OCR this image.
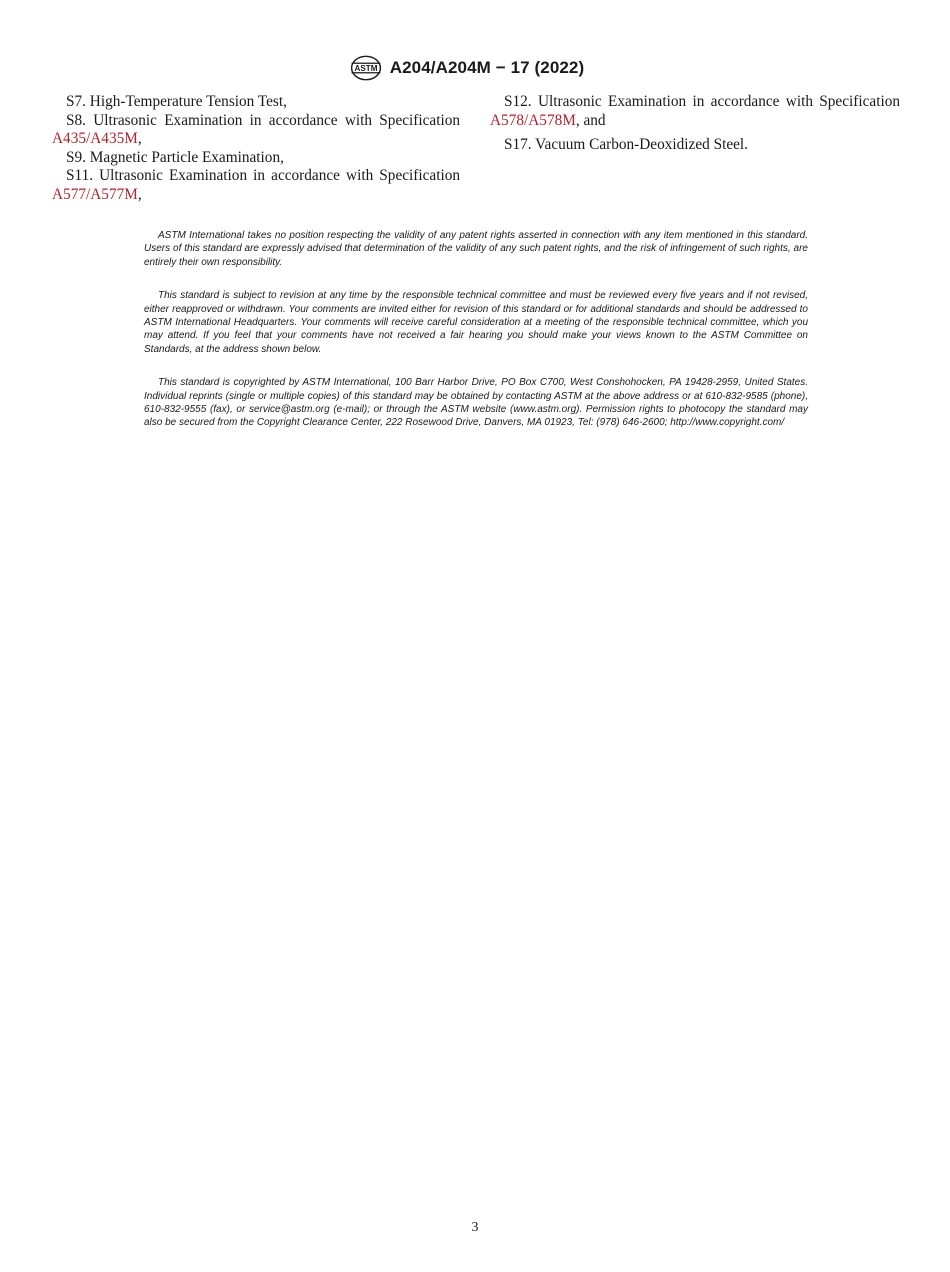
ASTM A204/A204M − 17 (2022)

S7. High-Temperature Tension Test,

S8. Ultrasonic Examination in accordance with Specification A435/A435M,

S9. Magnetic Particle Examination,

S11. Ultrasonic Examination in accordance with Specification A577/A577M,

S12. Ultrasonic Examination in accordance with Specification A578/A578M, and

S17. Vacuum Carbon-Deoxidized Steel.

ASTM International takes no position respecting the validity of any patent rights asserted in connection with any item mentioned in this standard. Users of this standard are expressly advised that determination of the validity of any such patent rights, and the risk of infringement of such rights, are entirely their own responsibility.

This standard is subject to revision at any time by the responsible technical committee and must be reviewed every five years and if not revised, either reapproved or withdrawn. Your comments are invited either for revision of this standard or for additional standards and should be addressed to ASTM International Headquarters. Your comments will receive careful consideration at a meeting of the responsible technical committee, which you may attend. If you feel that your comments have not received a fair hearing you should make your views known to the ASTM Committee on Standards, at the address shown below.

This standard is copyrighted by ASTM International, 100 Barr Harbor Drive, PO Box C700, West Conshohocken, PA 19428-2959, United States. Individual reprints (single or multiple copies) of this standard may be obtained by contacting ASTM at the above address or at 610-832-9585 (phone), 610-832-9555 (fax), or service@astm.org (e-mail); or through the ASTM website (www.astm.org). Permission rights to photocopy the standard may also be secured from the Copyright Clearance Center, 222 Rosewood Drive, Danvers, MA 01923, Tel: (978) 646-2600; http://www.copyright.com/

3
